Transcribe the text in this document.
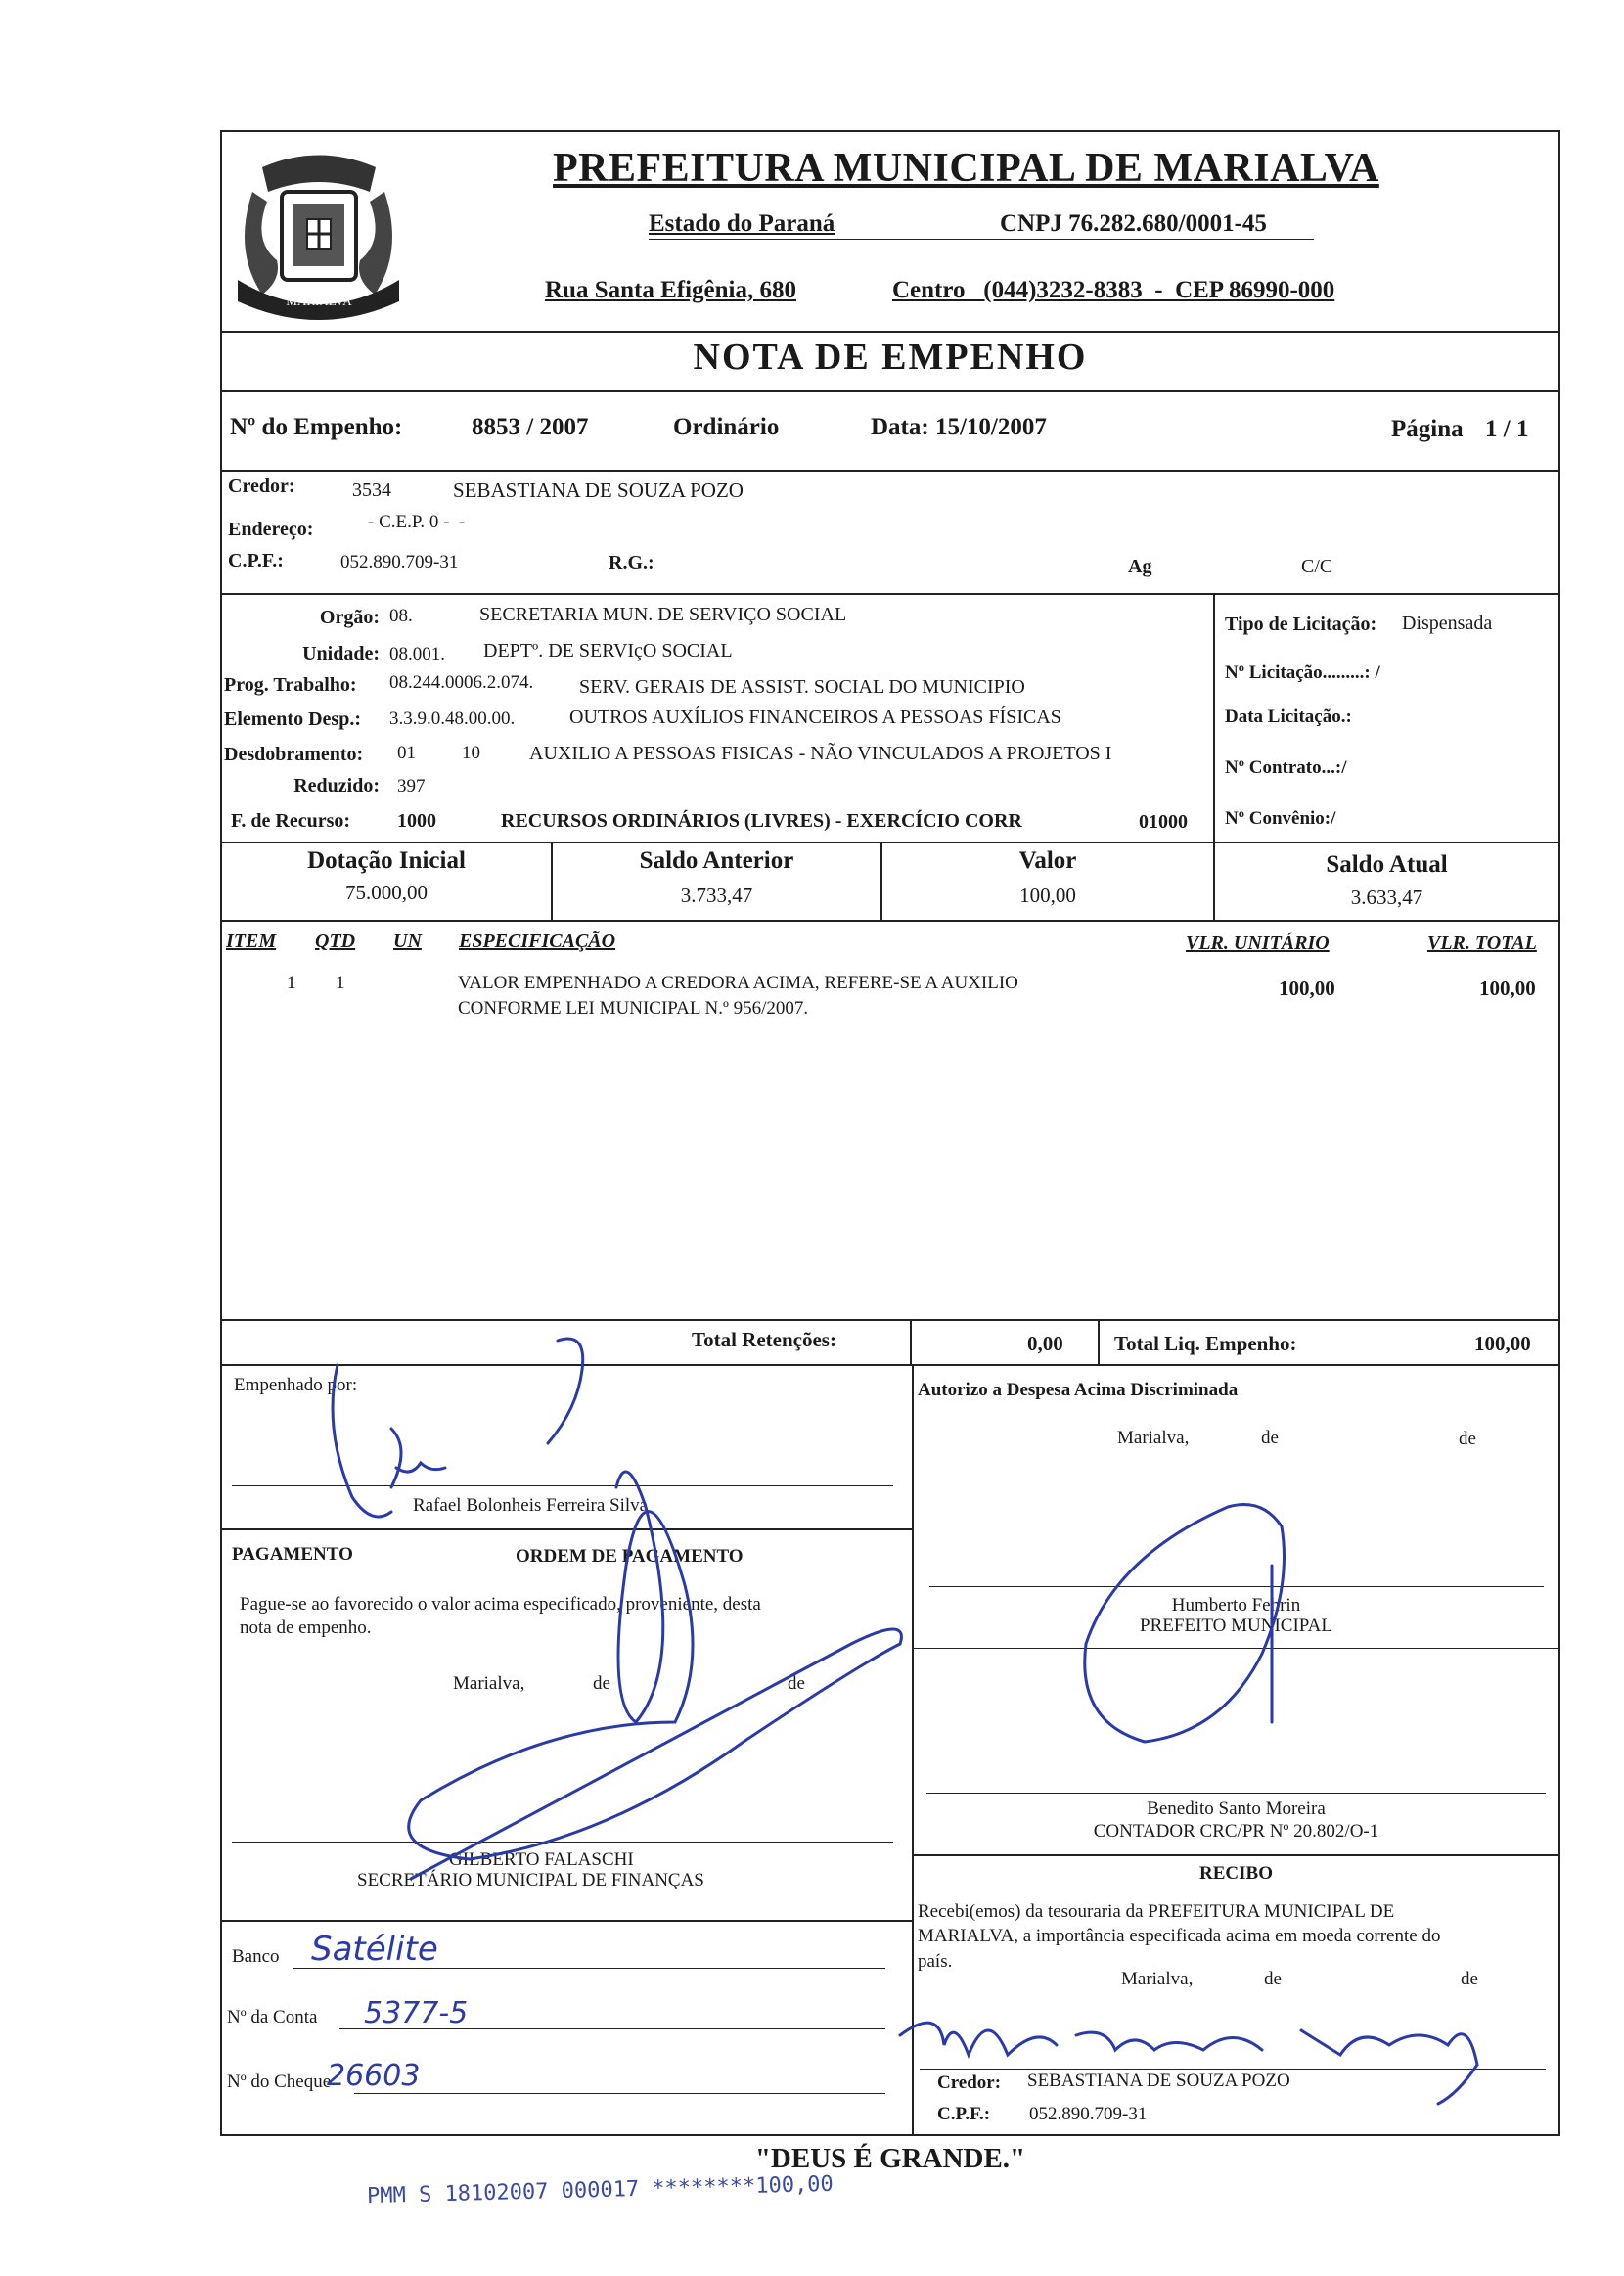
MARIALVA
PREFEITURA MUNICIPAL DE MARIALVA
Estado do Paraná	CNPJ 76.282.680/0001-45
Rua Santa Efigênia, 680	Centro   (044)3232-8383  -  CEP 86990-000
NOTA DE EMPENHO
Nº do Empenho:	8853 / 2007	Ordinário	Data: 15/10/2007	Página 1 / 1
Credor:	3534	SEBASTIANA DE SOUZA POZO
Endereço:	- C.E.P. 0 -  -
C.P.F.:	052.890.709-31	R.G.:	Ag	C/C
Orgão: 08.	SECRETARIA MUN. DE SERVIÇO SOCIAL
Unidade: 08.001. DEPTº. DE SERVIçO SOCIAL
Prog. Trabalho: 08.244.0006.2.074. SERV. GERAIS DE ASSIST. SOCIAL DO MUNICIPIO
Elemento Desp.: 3.3.9.0.48.00.00.	OUTROS AUXÍLIOS FINANCEIROS A PESSOAS FÍSICAS
Desdobramento: 01 10	AUXILIO A PESSOAS FISICAS - NÃO VINCULADOS A PROJETOS I
Reduzido: 397
F. de Recurso: 1000	RECURSOS ORDINÁRIOS (LIVRES) - EXERCÍCIO CORR	01000
Tipo de Licitação: Dispensada
Nº Licitação.........: /
Data Licitação.:
Nº Contrato...:/
Nº Convênio:/
Dotação Inicial
75.000,00
Saldo Anterior
3.733,47
Valor
100,00
Saldo Atual
3.633,47
ITEM QTD UN ESPECIFICAÇÃO	VLR. UNITÁRIO	VLR. TOTAL
1 1	VALOR EMPENHADO A CREDORA ACIMA, REFERE-SE A AUXILIO
CONFORME LEI MUNICIPAL N.º 956/2007.
100,00	100,00
Total Retenções:	0,00 Total Liq. Empenho:	100,00
Empenhado por:
Rafael Bolonheis Ferreira Silva
Autorizo a Despesa Acima Discriminada
Marialva,	de	de
Humberto Fehrin
PREFEITO MUNICIPAL
Benedito Santo Moreira
CONTADOR CRC/PR Nº 20.802/O-1
PAGAMENTO	ORDEM DE PAGAMENTO
Pague-se ao favorecido o valor acima especificado, proveniente, desta
nota de empenho.
Marialva,	de	de
GILBERTO FALASCHI
SECRETÁRIO MUNICIPAL DE FINANÇAS
Banco Satélite
Nº da Conta 5377-5
Nº do Cheque
26603
RECIBO
Recebi(emos) da tesouraria da PREFEITURA MUNICIPAL DE
MARIALVA, a importância especificada acima em moeda corrente do
país.
Marialva,	de	de
Credor: SEBASTIANA DE SOUZA POZO
C.P.F.: 052.890.709-31
"DEUS É GRANDE."
PMM S 18102007 000017 ********100,00
